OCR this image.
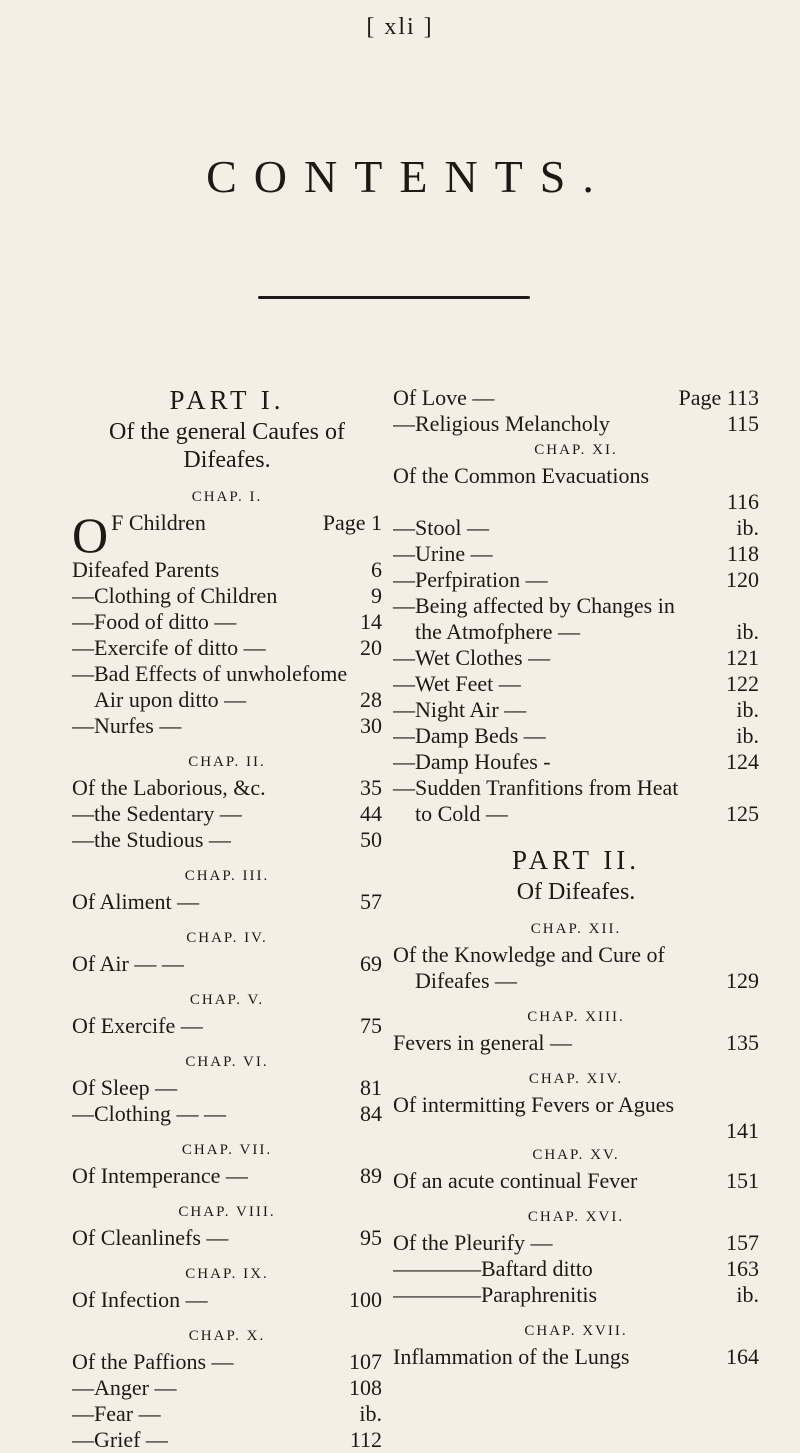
[ xli ]
CONTENTS.
PART I.
Of the general Caufes of Difeafes.
CHAP. I.
O F Children	Page 1
Difeafed Parents	6
—Clothing of Children	9
—Food of ditto —	14
—Exercife of ditto —	20
—Bad Effects of unwholefome
Air upon ditto —	28
—Nurfes —	30
CHAP. II.
Of the Laborious, &c.	35
—the Sedentary —	44
—the Studious —	50
CHAP. III.
Of Aliment —	57
CHAP. IV.
Of Air — —	69
CHAP. V.
Of Exercife —	75
CHAP. VI.
Of Sleep —	81
—Clothing — —	84
CHAP. VII.
Of Intemperance —	89
CHAP. VIII.
Of Cleanlinefs —	95
CHAP. IX.
Of Infection —	100
CHAP. X.
Of the Paffions —	107
—Anger —	108
—Fear —	ib.
—Grief —	112
Of Love —	Page 113
—Religious Melancholy	115
CHAP. XI.
Of the Common Evacuations
116
—Stool —	ib.
—Urine —	118
—Perfpiration —	120
—Being affected by Changes in
the Atmofphere —	ib.
—Wet Clothes —	121
—Wet Feet —	122
—Night Air —	ib.
—Damp Beds —	ib.
—Damp Houfes -	124
—Sudden Tranfitions from Heat
to Cold —	125
PART II.
Of Difeafes.
CHAP. XII.
Of the Knowledge and Cure of
Difeafes —	129
CHAP. XIII.
Fevers in general —	135
CHAP. XIV.
Of intermitting Fevers or Agues
141
CHAP. XV.
Of an acute continual Fever	151
CHAP. XVI.
Of the Pleurify —	157
————Baftard ditto	163
————Paraphrenitis	ib.
CHAP. XVII.
Inflammation of the Lungs	164
